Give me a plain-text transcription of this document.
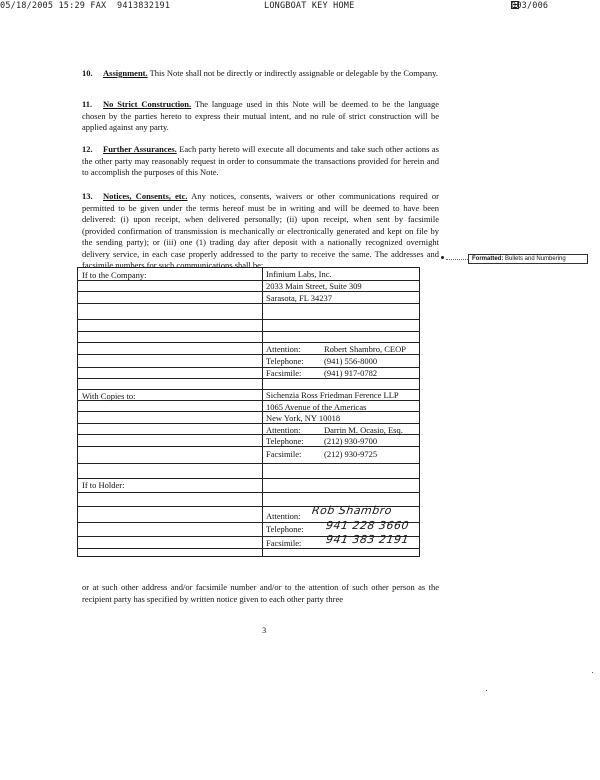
05/18/2005 15:29 FAX 9413832191	LONGBOAT KEY HOME	003/006

10. Assignment. This Note shall not be directly or indirectly assignable or delegable by the Company.

11. No Strict Construction. The language used in this Note will be deemed to be the language chosen by the parties hereto to express their mutual intent, and no rule of strict construction will be applied against any party.

12. Further Assurances. Each party hereto will execute all documents and take such other actions as the other party may reasonably request in order to consummate the transactions provided for herein and to accomplish the purposes of this Note.

13. Notices, Consents, etc. Any notices, consents, waivers or other communications required or permitted to be given under the terms hereof must be in writing and will be deemed to have been delivered: (i) upon receipt, when delivered personally; (ii) upon receipt, when sent by facsimile (provided confirmation of transmission is mechanically or electronically generated and kept on file by the sending party); or (iii) one (1) trading day after deposit with a nationally recognized overnight delivery service, in each case properly addressed to the party to receive the same. The addresses and facsimile numbers for such communications shall be:

Formatted: Bullets and Numbering
If to the Company:	Infinium Labs, Inc.
2033 Main Street, Suite 309
Sarasota, FL 34237
Attention:	Robert Shambro, CEOP
Telephone: (941) 556-8000
Facsimile:	(941) 917-0782
With Copies to:	Sichenzia Ross Friedman Ference LLP
1065 Avenue of the Americas
New York, NY 10018
Attention:	Darrin M. Ocasio, Esq.
Telephone: (212) 930-9700
Facsimile:	(212) 930-9725
If to Holder:
Attention: Rob Shambro
Telephone: 941 228 3660
Facsimile: 941 383 2191

or at such other address and/or facsimile number and/or to the attention of such other person as the recipient party has specified by written notice given to each other party three

3
